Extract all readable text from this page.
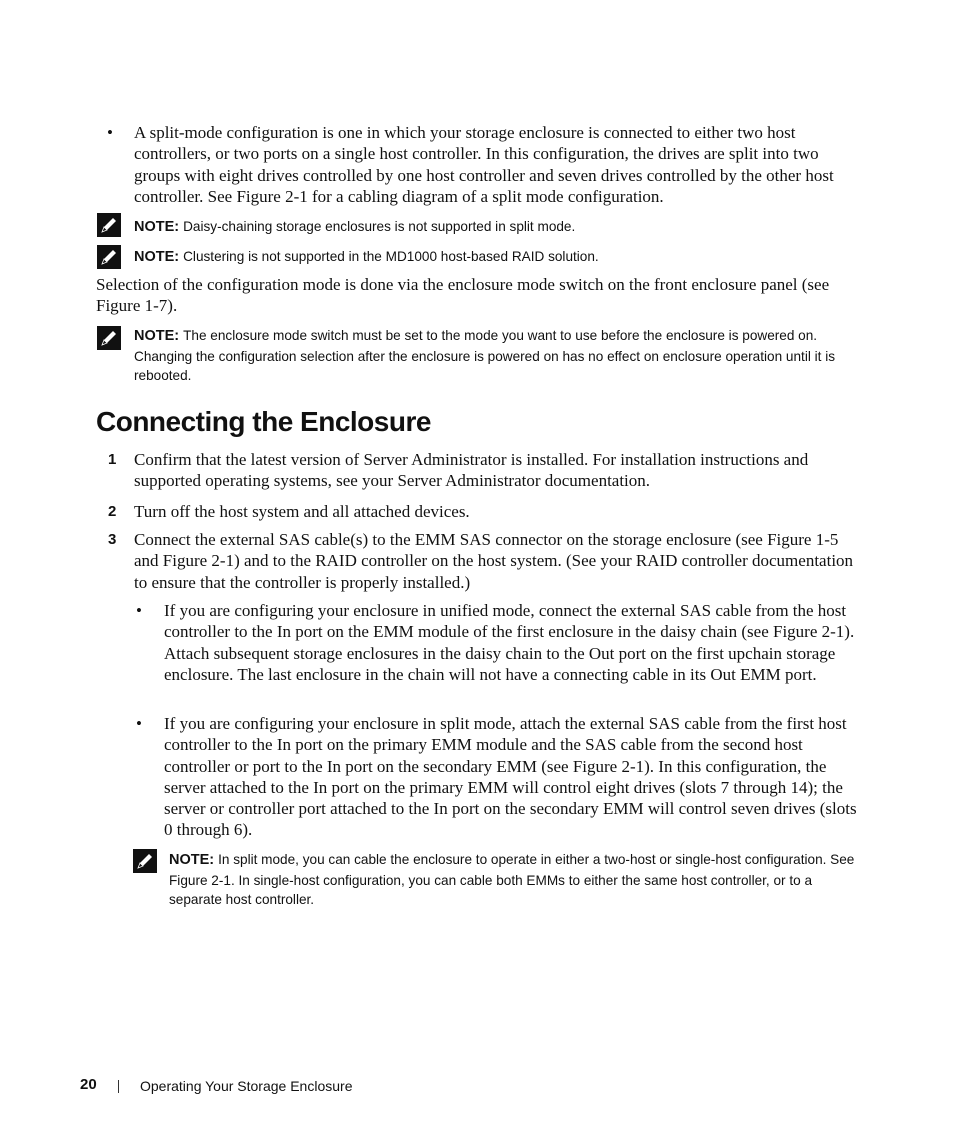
• A split-mode configuration is one in which your storage enclosure is connected to either two host controllers, or two ports on a single host controller. In this configuration, the drives are split into two groups with eight drives controlled by one host controller and seven drives controlled by the other host controller. See Figure 2-1 for a cabling diagram of a split mode configuration.
NOTE: Daisy-chaining storage enclosures is not supported in split mode.
NOTE: Clustering is not supported in the MD1000 host-based RAID solution.
Selection of the configuration mode is done via the enclosure mode switch on the front enclosure panel (see Figure 1-7).
NOTE: The enclosure mode switch must be set to the mode you want to use before the enclosure is powered on. Changing the configuration selection after the enclosure is powered on has no effect on enclosure operation until it is rebooted.
Connecting the Enclosure
1 Confirm that the latest version of Server Administrator is installed. For installation instructions and supported operating systems, see your Server Administrator documentation.
2 Turn off the host system and all attached devices.
3 Connect the external SAS cable(s) to the EMM SAS connector on the storage enclosure (see Figure 1-5 and Figure 2-1) and to the RAID controller on the host system. (See your RAID controller documentation to ensure that the controller is properly installed.)
• If you are configuring your enclosure in unified mode, connect the external SAS cable from the host controller to the In port on the EMM module of the first enclosure in the daisy chain (see Figure 2-1). Attach subsequent storage enclosures in the daisy chain to the Out port on the first upchain storage enclosure. The last enclosure in the chain will not have a connecting cable in its Out EMM port.
• If you are configuring your enclosure in split mode, attach the external SAS cable from the first host controller to the In port on the primary EMM module and the SAS cable from the second host controller or port to the In port on the secondary EMM (see Figure 2-1). In this configuration, the server attached to the In port on the primary EMM will control eight drives (slots 7 through 14); the server or controller port attached to the In port on the secondary EMM will control seven drives (slots 0 through 6).
NOTE: In split mode, you can cable the enclosure to operate in either a two-host or single-host configuration. See Figure 2-1. In single-host configuration, you can cable both EMMs to either the same host controller, or to a separate host controller.
20	Operating Your Storage Enclosure
